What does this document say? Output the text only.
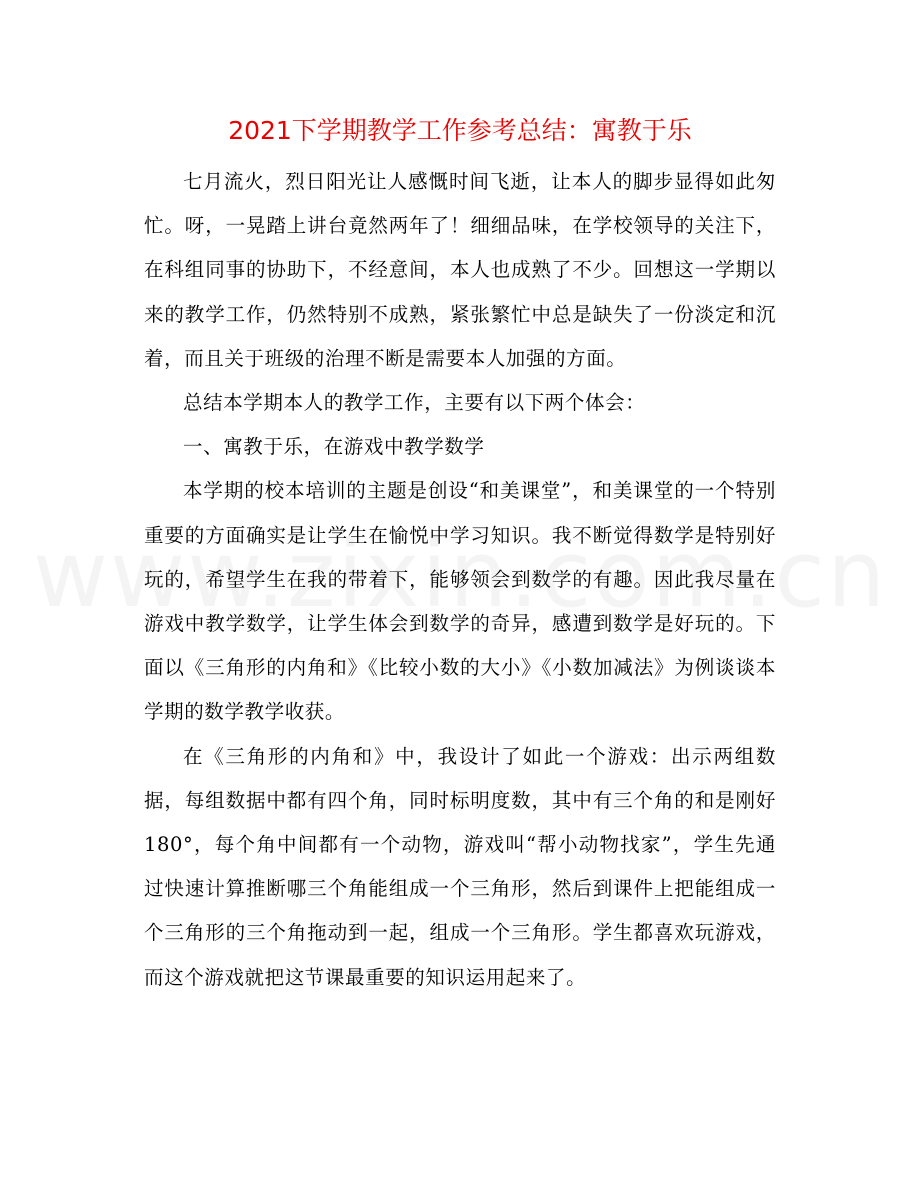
2021下学期教学工作参考总结：寓教于乐

七月流火，烈日阳光让人感慨时间飞逝，让本人的脚步显得如此匆忙。呀，一晃踏上讲台竟然两年了！细细品味，在学校领导的关注下，在科组同事的协助下，不经意间，本人也成熟了不少。回想这一学期以来的教学工作，仍然特别不成熟，紧张繁忙中总是缺失了一份淡定和沉着，而且关于班级的治理不断是需要本人加强的方面。

总结本学期本人的教学工作，主要有以下两个体会：

一、寓教于乐，在游戏中教学数学

本学期的校本培训的主题是创设“和美课堂”，和美课堂的一个特别重要的方面确实是让学生在愉悦中学习知识。我不断觉得数学是特别好玩的，希望学生在我的带着下，能够领会到数学的有趣。因此我尽量在游戏中教学数学，让学生体会到数学的奇异，感遭到数学是好玩的。下面以《三角形的内角和》《比较小数的大小》《小数加减法》为例谈谈本学期的数学教学收获。

在《三角形的内角和》中，我设计了如此一个游戏：出示两组数据，每组数据中都有四个角，同时标明度数，其中有三个角的和是刚好 180°，每个角中间都有一个动物，游戏叫“帮小动物找家”，学生先通过快速计算推断哪三个角能组成一个三角形，然后到课件上把能组成一个三角形的三个角拖动到一起，组成一个三角形。学生都喜欢玩游戏，而这个游戏就把这节课最重要的知识运用起来了。
